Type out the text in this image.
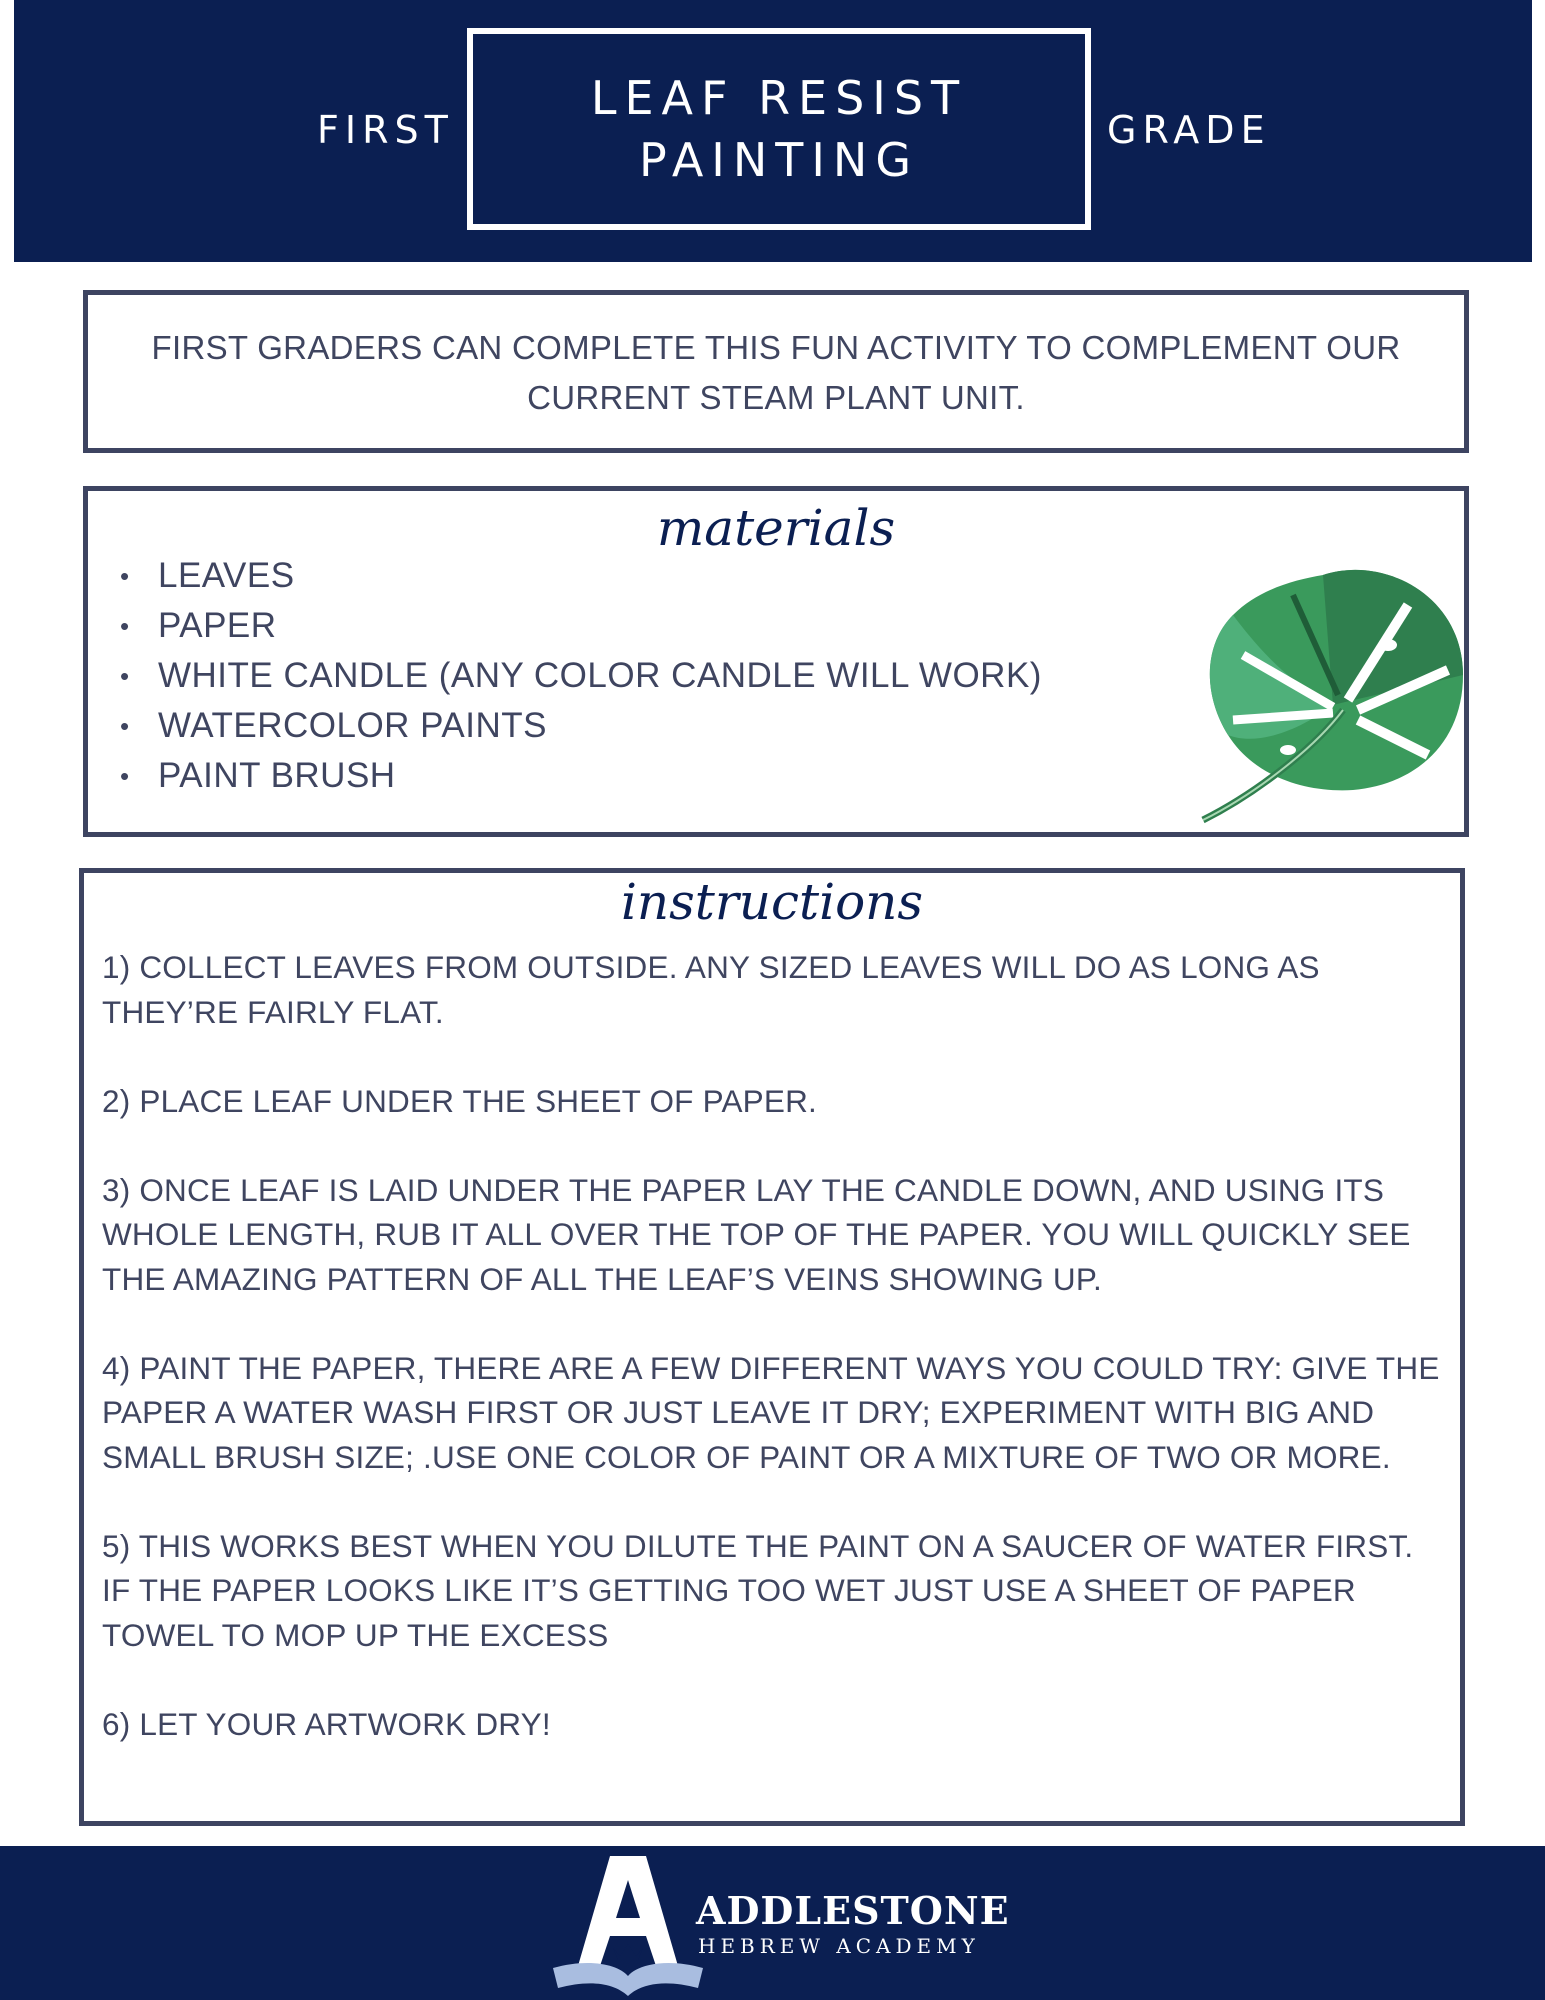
FIRST
LEAF RESIST
PAINTING
GRADE
FIRST GRADERS CAN COMPLETE THIS FUN ACTIVITY TO COMPLEMENT OUR CURRENT STEAM PLANT UNIT.
materials
• LEAVES
• PAPER
• WHITE CANDLE (ANY COLOR CANDLE WILL WORK)
• WATERCOLOR PAINTS
• PAINT BRUSH
instructions
1) COLLECT LEAVES FROM OUTSIDE. ANY SIZED LEAVES WILL DO AS LONG AS THEY’RE FAIRLY FLAT.
2) PLACE LEAF UNDER THE SHEET OF PAPER.
3) ONCE LEAF IS LAID UNDER THE PAPER LAY THE CANDLE DOWN, AND USING ITS WHOLE LENGTH, RUB IT ALL OVER THE TOP OF THE PAPER. YOU WILL QUICKLY SEE THE AMAZING PATTERN OF ALL THE LEAF’S VEINS SHOWING UP.
4) PAINT THE PAPER, THERE ARE A FEW DIFFERENT WAYS YOU COULD TRY: GIVE THE PAPER A WATER WASH FIRST OR JUST LEAVE IT DRY; EXPERIMENT WITH BIG AND SMALL BRUSH SIZE; .USE ONE COLOR OF PAINT OR A MIXTURE OF TWO OR MORE.
5) THIS WORKS BEST WHEN YOU DILUTE THE PAINT ON A SAUCER OF WATER FIRST. IF THE PAPER LOOKS LIKE IT’S GETTING TOO WET JUST USE A SHEET OF PAPER TOWEL TO MOP UP THE EXCESS
6) LET YOUR ARTWORK DRY!
ADDLESTONE
HEBREW ACADEMY
